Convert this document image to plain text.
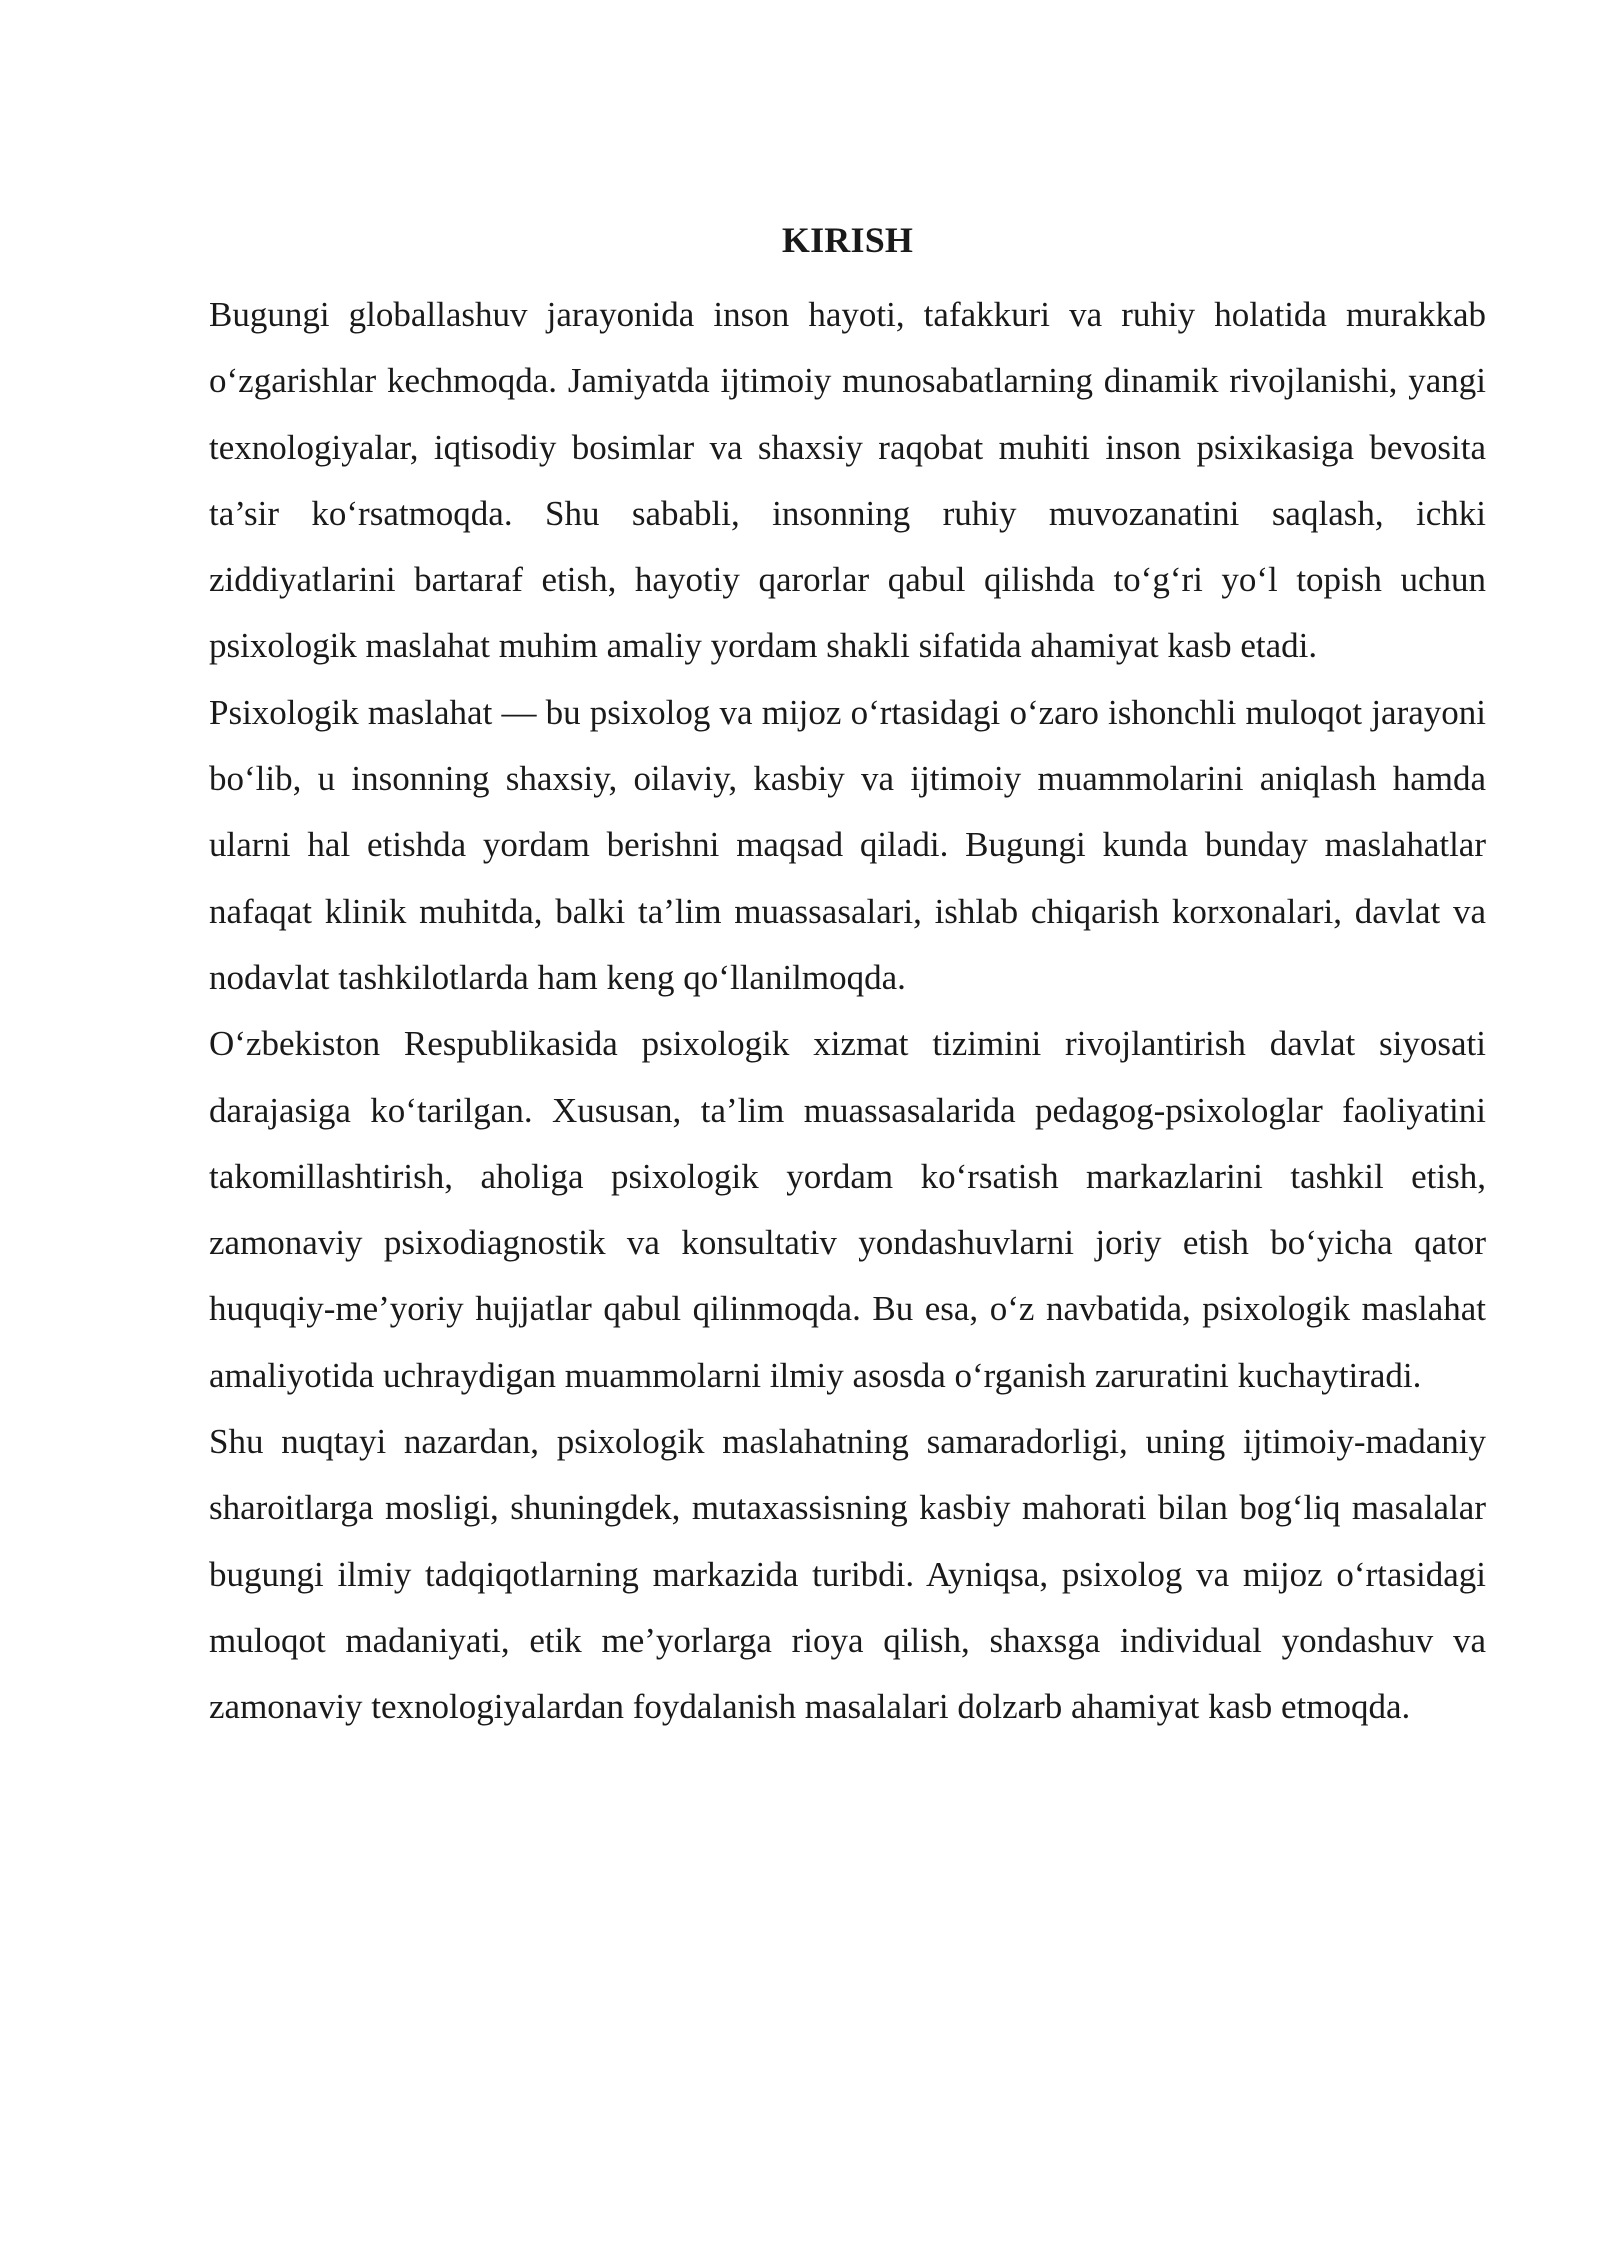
KIRISH

Bugungi globallashuv jarayonida inson hayoti, tafakkuri va ruhiy holatida murakkab o‘zgarishlar kechmoqda. Jamiyatda ijtimoiy munosabatlarning dinamik rivojlanishi, yangi texnologiyalar, iqtisodiy bosimlar va shaxsiy raqobat muhiti inson psixikasiga bevosita ta’sir ko‘rsatmoqda. Shu sababli, insonning ruhiy muvozanatini saqlash, ichki ziddiyatlarini bartaraf etish, hayotiy qarorlar qabul qilishda to‘g‘ri yo‘l topish uchun psixologik maslahat muhim amaliy yordam shakli sifatida ahamiyat kasb etadi.

Psixologik maslahat — bu psixolog va mijoz o‘rtasidagi o‘zaro ishonchli muloqot jarayoni bo‘lib, u insonning shaxsiy, oilaviy, kasbiy va ijtimoiy muammolarini aniqlash hamda ularni hal etishda yordam berishni maqsad qiladi. Bugungi kunda bunday maslahatlar nafaqat klinik muhitda, balki ta’lim muassasalari, ishlab chiqarish korxonalari, davlat va nodavlat tashkilotlarda ham keng qo‘llanilmoqda.

O‘zbekiston Respublikasida psixologik xizmat tizimini rivojlantirish davlat siyosati darajasiga ko‘tarilgan. Xususan, ta’lim muassasalarida pedagog-psixologlar faoliyatini takomillashtirish, aholiga psixologik yordam ko‘rsatish markazlarini tashkil etish, zamonaviy psixodiagnostik va konsultativ yondashuvlarni joriy etish bo‘yicha qator huquqiy-me’yoriy hujjatlar qabul qilinmoqda. Bu esa, o‘z navbatida, psixologik maslahat amaliyotida uchraydigan muammolarni ilmiy asosda o‘rganish zaruratini kuchaytiradi.

Shu nuqtayi nazardan, psixologik maslahatning samaradorligi, uning ijtimoiy-madaniy sharoitlarga mosligi, shuningdek, mutaxassisning kasbiy mahorati bilan bog‘liq masalalar bugungi ilmiy tadqiqotlarning markazida turibdi. Ayniqsa, psixolog va mijoz o‘rtasidagi muloqot madaniyati, etik me’yorlarga rioya qilish, shaxsga individual yondashuv va zamonaviy texnologiyalardan foydalanish masalalari dolzarb ahamiyat kasb etmoqda.
